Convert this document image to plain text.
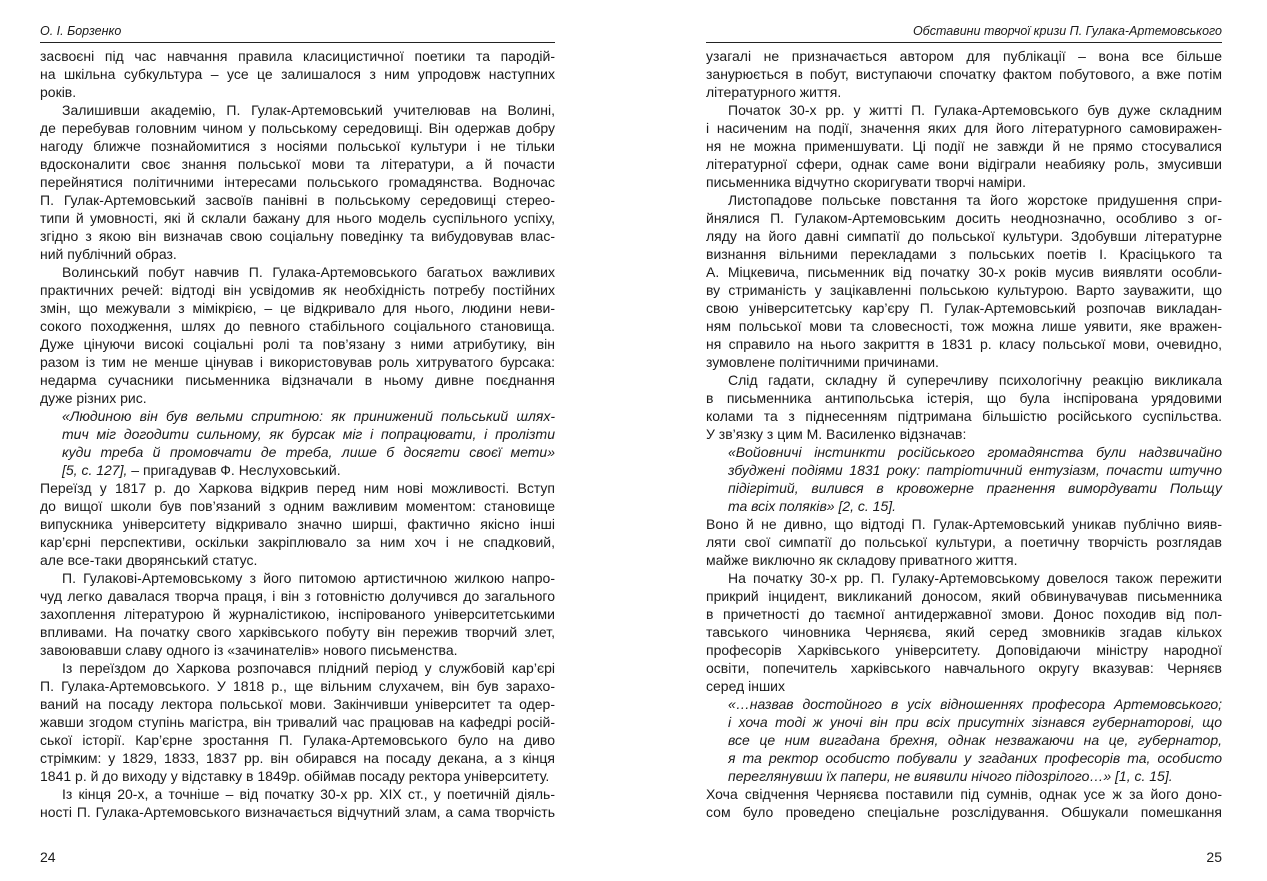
О. І. Борзенко
засвоєні під час навчання правила класицистичної поетики та пародій-
на шкільна субкультура – усе це залишалося з ним упродовж наступних
років.
Залишивши академію, П. Гулак-Артемовський учителював на Волині,
де перебував головним чином у польському середовищі. Він одержав добру
нагоду ближче познайомитися з носіями польської культури і не тільки
вдосконалити своє знання польської мови та літератури, а й почасти
перейнятися політичними інтересами польського громадянства. Водночас
П. Гулак-Артемовський засвоїв панівні в польському середовищі стерео-
типи й умовності, які й склали бажану для нього модель суспільного успіху,
згідно з якою він визначав свою соціальну поведінку та вибудовував влас-
ний публічний образ.
Волинський побут навчив П. Гулака-Артемовського багатьох важливих
практичних речей: відтоді він усвідомив як необхідність потребу постійних
змін, що межували з мімікрією, – це відкривало для нього, людини неви-
сокого походження, шлях до певного стабільного соціального становища.
Дуже цінуючи високі соціальні ролі та пов’язану з ними атрибутику, він
разом із тим не менше цінував і використовував роль хитруватого бурсака:
недарма сучасники письменника відзначали в ньому дивне поєднання
дуже різних рис.
«Людиною він був вельми спритною: як принижений польський шлях-
тич міг догодити сильному, як бурсак міг і попрацювати, і пролізти
куди треба й промовчати де треба, лише б досягти своєї мети»
[5, с. 127], – пригадував Ф. Неслуховський.
Переїзд у 1817 р. до Харкова відкрив перед ним нові можливості. Вступ
до вищої школи був пов’язаний з одним важливим моментом: становище
випускника університету відкривало значно ширші, фактично якісно інші
кар’єрні перспективи, оскільки закріплювало за ним хоч і не спадковий,
але все-таки дворянський статус.
П. Гулакові-Артемовському з його питомою артистичною жилкою напро-
чуд легко давалася творча праця, і він з готовністю долучився до загального
захоплення літературою й журналістикою, інспірованого університетськими
впливами. На початку свого харківського побуту він пережив творчий злет,
завоювавши славу одного із «зачинателів» нового письменства.
Із переїздом до Харкова розпочався плідний період у службовій кар’єрі
П. Гулака-Артемовського. У 1818 р., ще вільним слухачем, він був зарахо-
ваний на посаду лектора польської мови. Закінчивши університет та одер-
жавши згодом ступінь магістра, він тривалий час працював на кафедрі росій-
ської історії. Кар’єрне зростання П. Гулака-Артемовського було на диво
стрімким: у 1829, 1833, 1837 рр. він обирався на посаду декана, а з кінця
1841 р. й до виходу у відставку в 1849р. обіймав посаду ректора університету.
Із кінця 20-х, а точніше – від початку 30-х рр. XIX ст., у поетичній діяль-
ності П. Гулака-Артемовського визначається відчутний злам, а сама творчість
24
Обставини творчої кризи П. Гулака-Артемовського
узагалі не призначається автором для публікації – вона все більше
занурюється в побут, виступаючи спочатку фактом побутового, а вже потім
літературного життя.
Початок 30-х рр. у житті П. Гулака-Артемовського був дуже складним
і насиченим на події, значення яких для його літературного самовиражен-
ня не можна применшувати. Ці події не завжди й не прямо стосувалися
літературної сфери, однак саме вони відіграли неабияку роль, змусивши
письменника відчутно скоригувати творчі наміри.
Листопадове польське повстання та його жорстоке придушення спри-
йнялися П. Гулаком-Артемовським досить неоднозначно, особливо з ог-
ляду на його давні симпатії до польської культури. Здобувши літературне
визнання вільними перекладами з польських поетів І. Красіцького та
А. Міцкевича, письменник від початку 30-х років мусив виявляти особли-
ву стриманість у зацікавленні польською культурою. Варто зауважити, що
свою університетську кар’єру П. Гулак-Артемовський розпочав викладан-
ням польської мови та словесності, тож можна лише уявити, яке вражен-
ня справило на нього закриття в 1831 р. класу польської мови, очевидно,
зумовлене політичними причинами.
Слід гадати, складну й суперечливу психологічну реакцію викликала
в письменника антипольська істерія, що була інспірована урядовими
колами та з піднесенням підтримана більшістю російського суспільства.
У зв’язку з цим М. Василенко відзначав:
«Войовничі інстинкти російського громадянства були надзвичайно
збуджені подіями 1831 року: патріотичний ентузіазм, почасти штучно
підігрітий, вилився в кровожерне прагнення вимордувати Польщу
та всіх поляків» [2, с. 15].
Воно й не дивно, що відтоді П. Гулак-Артемовський уникав публічно вияв-
ляти свої симпатії до польської культури, а поетичну творчість розглядав
майже виключно як складову приватного життя.
На початку 30-х рр. П. Гулаку-Артемовському довелося також пережити
прикрий інцидент, викликаний доносом, який обвинувачував письменника
в причетності до таємної антидержавної змови. Донос походив від пол-
тавського чиновника Черняєва, який серед змовників згадав кількох
професорів Харківського університету. Доповідаючи міністру народної
освіти, попечитель харківського навчального округу вказував: Черняєв
серед інших
«…назвав достойного в усіх відношеннях професора Артемовського;
і хоча тоді ж уночі він при всіх присутніх зізнався губернаторові, що
все це ним вигадана брехня, однак незважаючи на це, губернатор,
я та ректор особисто побували у згаданих професорів та, особисто
переглянувши їх папери, не виявили нічого підозрілого…» [1, с. 15].
Хоча свідчення Черняєва поставили під сумнів, однак усе ж за його доно-
сом було проведено спеціальне розслідування. Обшукали помешкання
25
